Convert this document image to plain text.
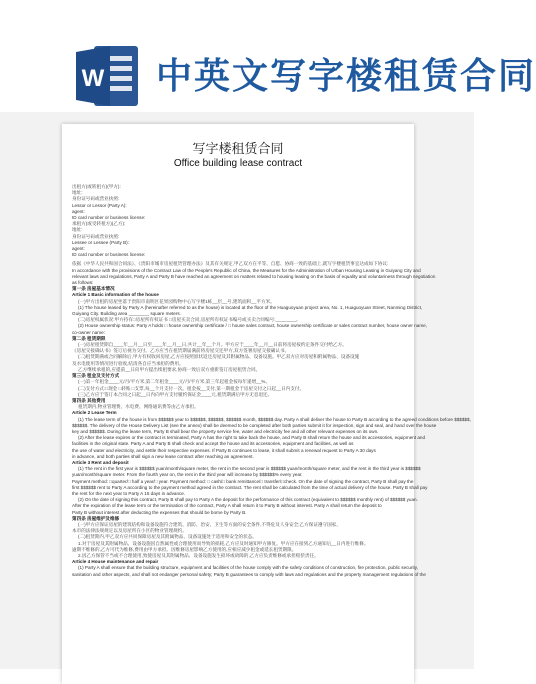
W 中英文写字楼租赁合同
写字楼租赁合同
Office building lease contract
出租方(或转租方)(甲方):
地址:
身份证号码或营业执照:
Lessor or Lessor (Party A):
agent:
ID card number or business license:
承租方(或受转租方)(乙方):
地址:
身份证号码或营业执照:
Lessee or Lessee (Party B):
agent:
ID card number or business license:
依据《中华人民共和国合同法》、《贵阳市城市房屋租赁管理办法》及其有关规定,甲乙双方在平等、自愿、协商一致的基础上,就写字楼租赁事宜达成如下协议:
In accordance with the provisions of the Contract Law of the People's Republic of China, the Measures for the Administration of Urban Housing Leasing in Guiyang City and
relevant laws and regulations, Party A and Party B have reached an agreement on matters related to housing leasing on the basis of equality and voluntariness through negotiation
as follows:
第一条 房屋基本情况
Article 1 Basic information of the house
(一)甲方出租的房屋坐落于贵阳市南明区花果园购物中心写字楼1栋__层__号,建筑面积__平方米。
(1) The house leased by Party A (hereinafter referred to as the house) is located at the floor of the Huaguoyuan project area, No. 1, Huaguoyuan Street, Nanming District,
Guiyang City. Building area ________ square meters.
(二)房屋权属状况:甲方持有□房屋所有权证书 □房屋买卖合同,房屋所有权证书编号或买卖合同编号:________。
(2) House ownership status: Party A holds □ house ownership certificate / □ house sales contract, house ownership certificate or sales contract number, house owner name,
co-owner name:
第二条 租赁期限
(一)房屋租赁期自____年__月__日至____年__月__日,共计__年__个月。甲方应于____年__月__日前将房屋按约定条件交付给乙方。
《房屋交接确认书》签订后视为交付。乙方应当在租赁期届满前将房屋交还甲方,双方签署房屋交接确认书。
(二)租赁期满或合同解除后,甲方有权收回房屋,乙方应按照原状返还房屋及其附属物品、设备设施。甲乙双方应对房屋和附属物品、设备设施
及水电使用等情况进行验收,结清各自应当承担的费用。
乙方继续承租的,应提前__日向甲方提出续租要求,协商一致后双方重新签订房屋租赁合同。
第三条 租金及支付方式
(一)第一年租金____元/月/平方米,第二年租金____元/月/平方米,第三年起租金按每年递增__%。
(二)支付方式:□现金 □转账 □支票,每__个月支付一次。租金按__支付,第一期租金于房屋交付之日起__日内支付。
(三)乙方应于签订本合同之日起__日内向甲方支付履约保证金____元,租赁期满后甲方无息退还。
第四条 其他费用
租赁期内,物业管理费、水电费、网络通讯费等由乙方承担。
Article 2 Lease Term
(1) The lease term of the house is from $$$$$$ year to $$$$$$, $$$$$$, $$$$$$ month, $$$$$$ day. Party A shall deliver the house to Party B according to the agreed conditions before $$$$$$,
$$$$$$. The delivery of the House Delivery List (see the annex) shall be deemed to be completed after both parties submit it for inspection, sign and seal, and hand over the house
key and $$$$$$. During the lease term, Party B shall bear the property service fee, water and electricity fee and all other relevant expenses on its own.
(2) After the lease expires or the contract is terminated, Party A has the right to take back the house, and Party B shall return the house and its accessories, equipment and
facilities in the original state. Party A and Party B shall check and accept the house and its accessories, equipment and facilities, as well as
the use of water and electricity, and settle their respective expenses. If Party B continues to lease, it shall submit a renewal request to Party A 30 days
in advance, and both parties shall sign a new lease contract after reaching an agreement.
Article 3 Rent and deposit
(1) The rent in the first year is $$$$$$ yuan/month/square meter, the rent in the second year is $$$$$$ yuan/month/square meter, and the rent in the third year is $$$$$$
yuan/month/square meter. From the fourth year on, the rent in the third year will increase by $$$$$$% every year.
Payment method: □quarter/□ half a year/□ year. Payment method: □ cash/□ bank remittance/□ transfer/□check. On the date of signing the contract, Party B shall pay the
first $$$$$$ rent to Party A according to the payment method agreed in the contract. The rent shall be calculated from the time of actual delivery of the house. Party B shall pay
the rent for the next year to Party A 15 days in advance.
(2) On the date of signing this contract, Party B shall pay to Party A the deposit for the performance of this contract (equivalent to $$$$$$ monthly rent) of $$$$$$ yuan.
After the expiration of the lease term or the termination of the contract, Party A shall return it to Party B without interest. Party A shall return the deposit to
Party B without interest after deducting the expenses that should be borne by Party B.
第四条 房屋维护及维修
(一)甲方应保证房屋的建筑结构和设备设施符合建筑、消防、治安、卫生等方面的安全条件,不得危及人身安全;乙方保证遵守国家、
本市的法律法规规定以及房屋所在小区的物业管理规约。
(二)租赁期内,甲乙双方应共同保障房屋及其附属物品、设备设施处于适用和安全的状态。
1.对于房屋及其附属物品、设备设施因自然属性或合理使用而导致的损耗,乙方应及时通知甲方修复。甲方应在接到乙方通知后__日内进行维修。
逾期不维修的,乙方可代为维修,费用由甲方承担。因维修房屋影响乙方使用的,应相应减少租金或延长租赁期限。
2.因乙方保管不当或不合理使用,致使房屋及其附属物品、设备设施发生损坏或故障的,乙方应负责维修或承担赔偿责任。
Article 4 House maintenance and repair
(1) Party A shall ensure that the building structure, equipment and facilities of the house comply with the safety conditions of construction, fire protection, public security,
sanitation and other aspects, and shall not endanger personal safety; Party B guarantees to comply with laws and regulations and the property management regulations of the
